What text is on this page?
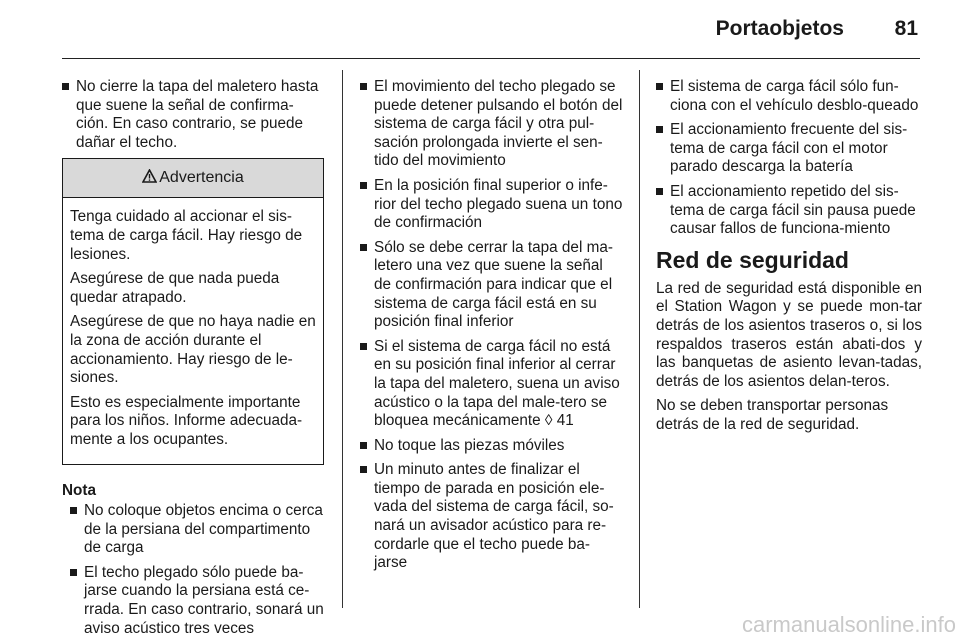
Portaobjetos 81
No cierre la tapa del maletero hasta que suene la señal de confirma-ción. En caso contrario, se puede dañar el techo.
Advertencia

Tenga cuidado al accionar el sis-tema de carga fácil. Hay riesgo de lesiones.

Asegúrese de que nada pueda quedar atrapado.

Asegúrese de que no haya nadie en la zona de acción durante el accionamiento. Hay riesgo de le-siones.

Esto es especialmente importante para los niños. Informe adecuada-mente a los ocupantes.

Nota
No coloque objetos encima o cerca de la persiana del compartimento de carga
El techo plegado sólo puede ba-jarse cuando la persiana está ce-rrada. En caso contrario, sonará un aviso acústico tres veces
El movimiento del techo plegado se puede detener pulsando el botón del sistema de carga fácil y otra pul-sación prolongada invierte el sen-tido del movimiento
En la posición final superior o infe-rior del techo plegado suena un tono de confirmación
Sólo se debe cerrar la tapa del ma-letero una vez que suene la señal de confirmación para indicar que el sistema de carga fácil está en su posición final inferior
Si el sistema de carga fácil no está en su posición final inferior al cerrar la tapa del maletero, suena un aviso acústico o la tapa del male-tero se bloquea mecánicamente ◊ 41
No toque las piezas móviles
Un minuto antes de finalizar el tiempo de parada en posición ele-vada del sistema de carga fácil, so-nará un avisador acústico para re-cordarle que el techo puede ba-jarse
El sistema de carga fácil sólo fun-ciona con el vehículo desblo-queado
El accionamiento frecuente del sis-tema de carga fácil con el motor parado descarga la batería
El accionamiento repetido del sis-tema de carga fácil sin pausa puede causar fallos de funciona-miento
Red de seguridad

La red de seguridad está disponible en el Station Wagon y se puede mon-tar detrás de los asientos traseros o, si los respaldos traseros están abati-dos y las banquetas de asiento levan-tadas, detrás de los asientos delan-teros.

No se deben transportar personas detrás de la red de seguridad.

carmanualsonline.info
